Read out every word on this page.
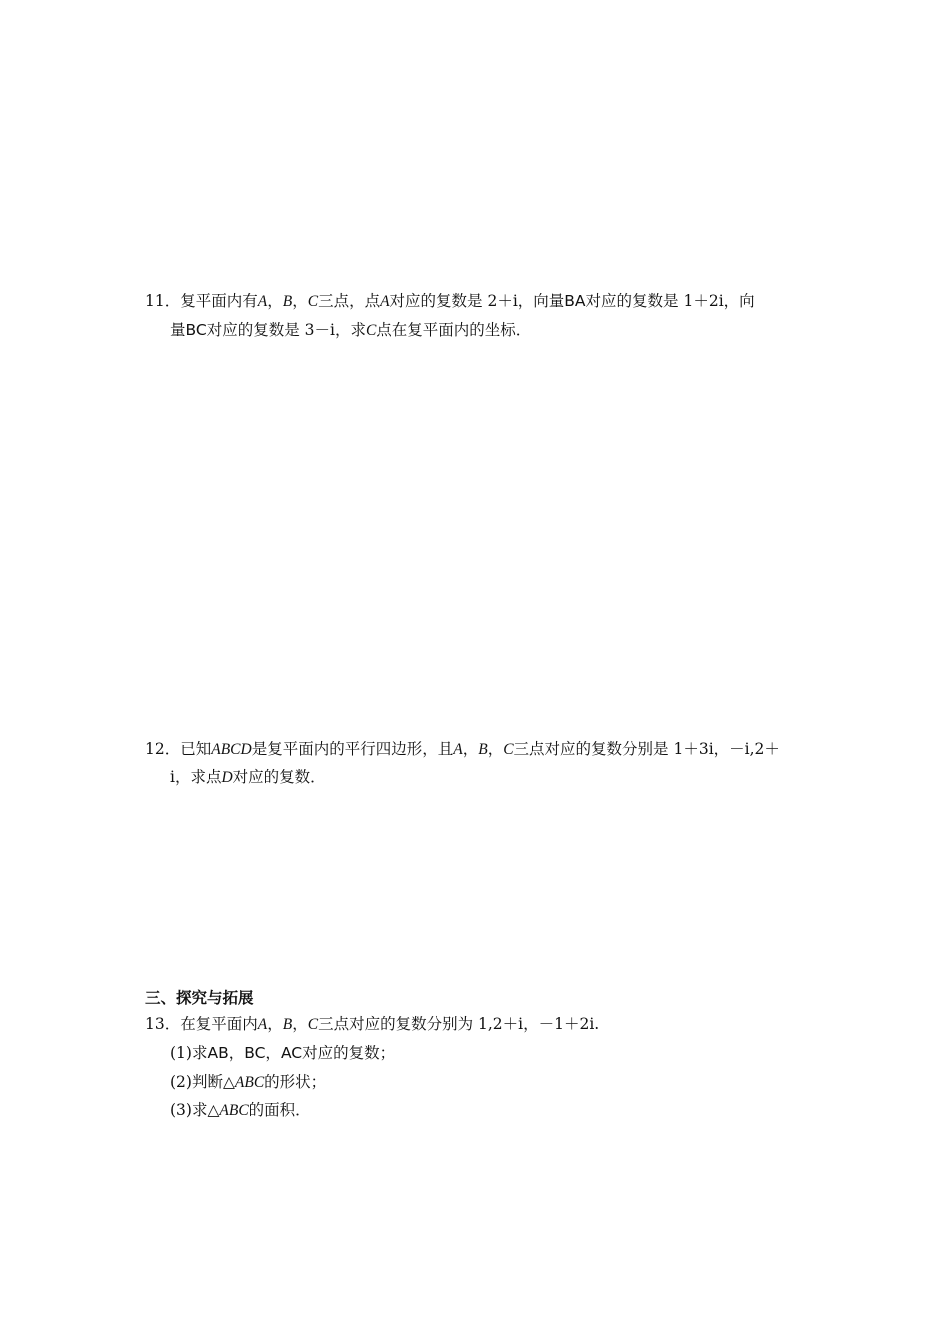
11．复平面内有A，B，C三点，点A对应的复数是 2＋i，向量BA对应的复数是 1＋2i，向
量BC对应的复数是 3－i，求C点在复平面内的坐标．
12．已知ABCD是复平面内的平行四边形，且A，B，C三点对应的复数分别是 1＋3i，－i,2＋
i，求点D对应的复数．
三、探究与拓展
13．在复平面内A，B，C三点对应的复数分别为 1,2＋i，－1＋2i.
(1)求AB，BC，AC对应的复数；
(2)判断△ABC的形状；
(3)求△ABC的面积．
